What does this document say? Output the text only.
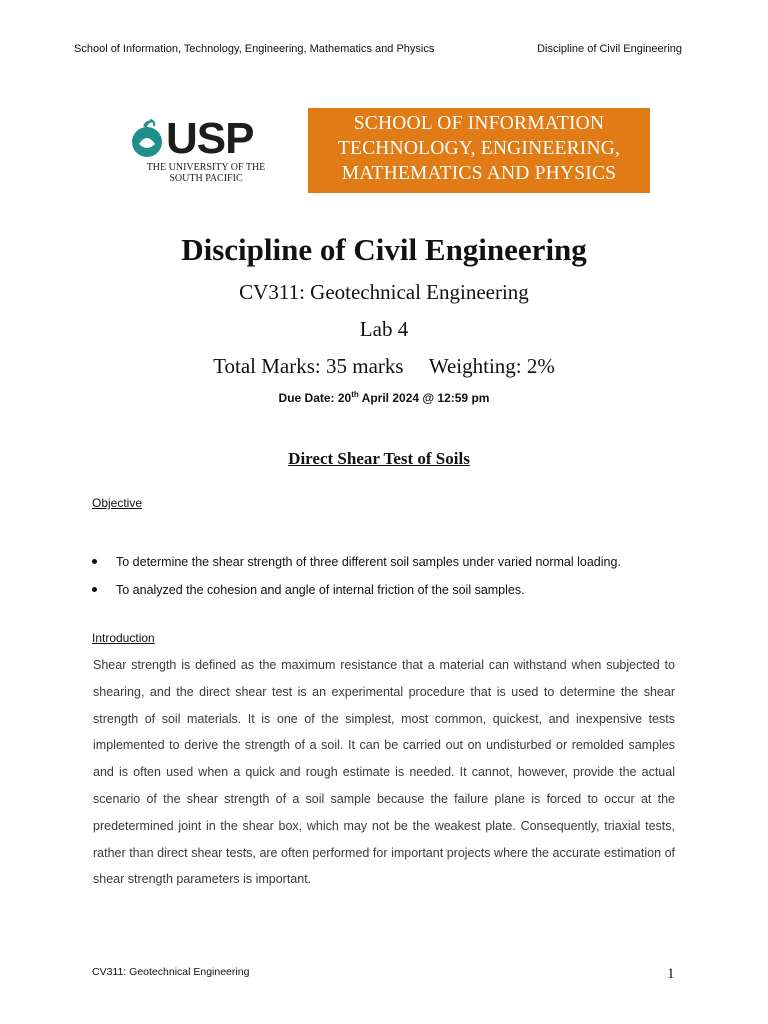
School of Information, Technology, Engineering, Mathematics and Physics	Discipline of Civil Engineering
USP
THE UNIVERSITY OF THE
SOUTH PACIFIC
SCHOOL OF INFORMATION
TECHNOLOGY, ENGINEERING,
MATHEMATICS AND PHYSICS
Discipline of Civil Engineering
CV311: Geotechnical Engineering
Lab 4
Total Marks: 35 marks Weighting: 2%
Due Date: 20th April 2024 @ 12:59 pm
Direct Shear Test of Soils
Objective
To determine the shear strength of three different soil samples under varied normal loading.
To analyzed the cohesion and angle of internal friction of the soil samples.
Introduction
Shear strength is defined as the maximum resistance that a material can withstand when subjected to shearing, and the direct shear test is an experimental procedure that is used to determine the shear strength of soil materials. It is one of the simplest, most common, quickest, and inexpensive tests implemented to derive the strength of a soil. It can be carried out on undisturbed or remolded samples and is often used when a quick and rough estimate is needed. It cannot, however, provide the actual scenario of the shear strength of a soil sample because the failure plane is forced to occur at the predetermined joint in the shear box, which may not be the weakest plate. Consequently, triaxial tests, rather than direct shear tests, are often performed for important projects where the accurate estimation of shear strength parameters is important.
CV311: Geotechnical Engineering	1
